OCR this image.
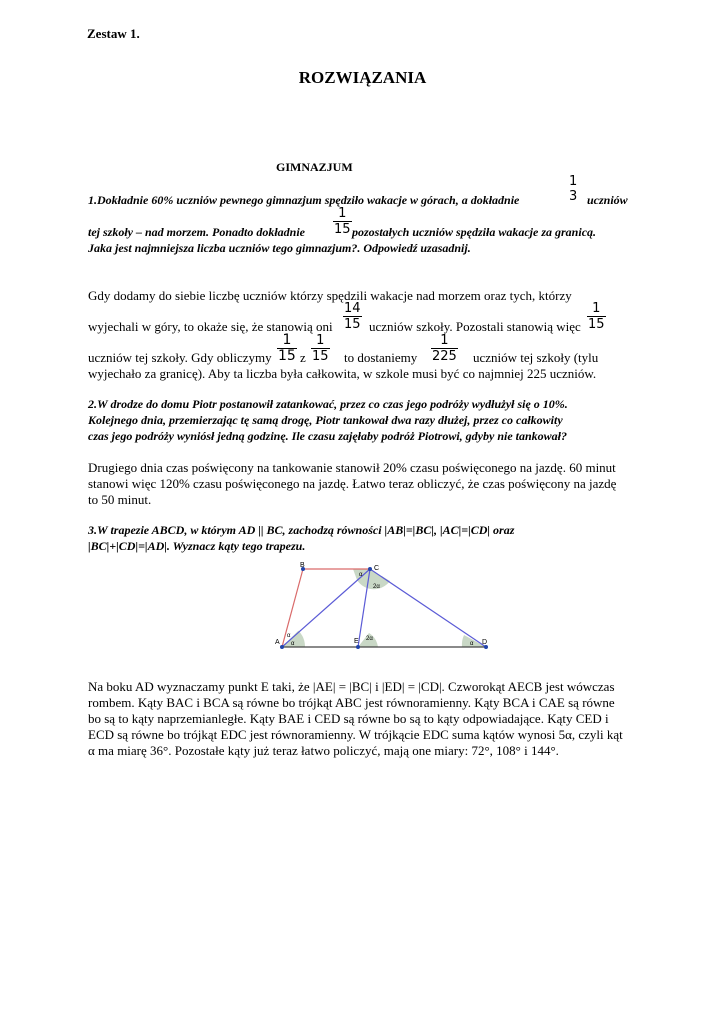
Zestaw 1.
ROZWIĄZANIA
GIMNAZJUM
1.Dokładnie 60% uczniów pewnego gimnazjum spędziło wakacje w górach, a dokładnie
1
3 uczniów
tej szkoły – nad morzem. Ponadto dokładnie $\frac{1}{15}$ pozostałych uczniów spędziła wakacje za granicą.
Jaka jest najmniejsza liczba uczniów tego gimnazjum?. Odpowiedź uzasadnij.
Gdy dodamy do siebie liczbę uczniów którzy spędzili wakacje nad morzem oraz tych, którzy
wyjechali w góry, to okaże się, że stanowią oni $\frac{14}{15}$ uczniów szkoły. Pozostali stanowią więc $\frac{1}{15}$
uczniów tej szkoły. Gdy obliczymy $\frac{1}{15}$ z $\frac{1}{15}$ to dostaniemy $\frac{1}{225}$ uczniów tej szkoły (tylu
wyjechało za granicę). Aby ta liczba była całkowita, w szkole musi być co najmniej 225 uczniów.
2.W drodze do domu Piotr postanowił zatankować, przez co czas jego podróży wydłużył się o 10%.
Kolejnego dnia, przemierzając tę samą drogę, Piotr tankował dwa razy dłużej, przez co całkowity
czas jego podróży wyniósł jedną godzinę. Ile czasu zajęłaby podróż Piotrowi, gdyby nie tankował?
Drugiego dnia czas poświęcony na tankowanie stanowił 20% czasu poświęconego na jazdę. 60 minut
stanowi więc 120% czasu poświęconego na jazdę. Łatwo teraz obliczyć, że czas poświęcony na jazdę
to 50 minut.
3.W trapezie ABCD, w którym AD || BC, zachodzą równości |AB|=|BC|, |AC|=|CD| oraz
|BC|+|CD|=|AD|. Wyznacz kąty tego trapezu.
B	C
A	E	D
α
2α
α
α
2α
α
Na boku AD wyznaczamy punkt E taki, że |AE| = |BC| i |ED| = |CD|. Czworokąt AECB jest wówczas
rombem. Kąty BAC i BCA są równe bo trójkąt ABC jest równoramienny. Kąty BCA i CAE są równe
bo są to kąty naprzemianległe. Kąty BAE i CED są równe bo są to kąty odpowiadające. Kąty CED i
ECD są równe bo trójkąt EDC jest równoramienny. W trójkącie EDC suma kątów wynosi 5α, czyli kąt
α ma miarę 36°. Pozostałe kąty już teraz łatwo policzyć, mają one miary: 72°, 108° i 144°.
